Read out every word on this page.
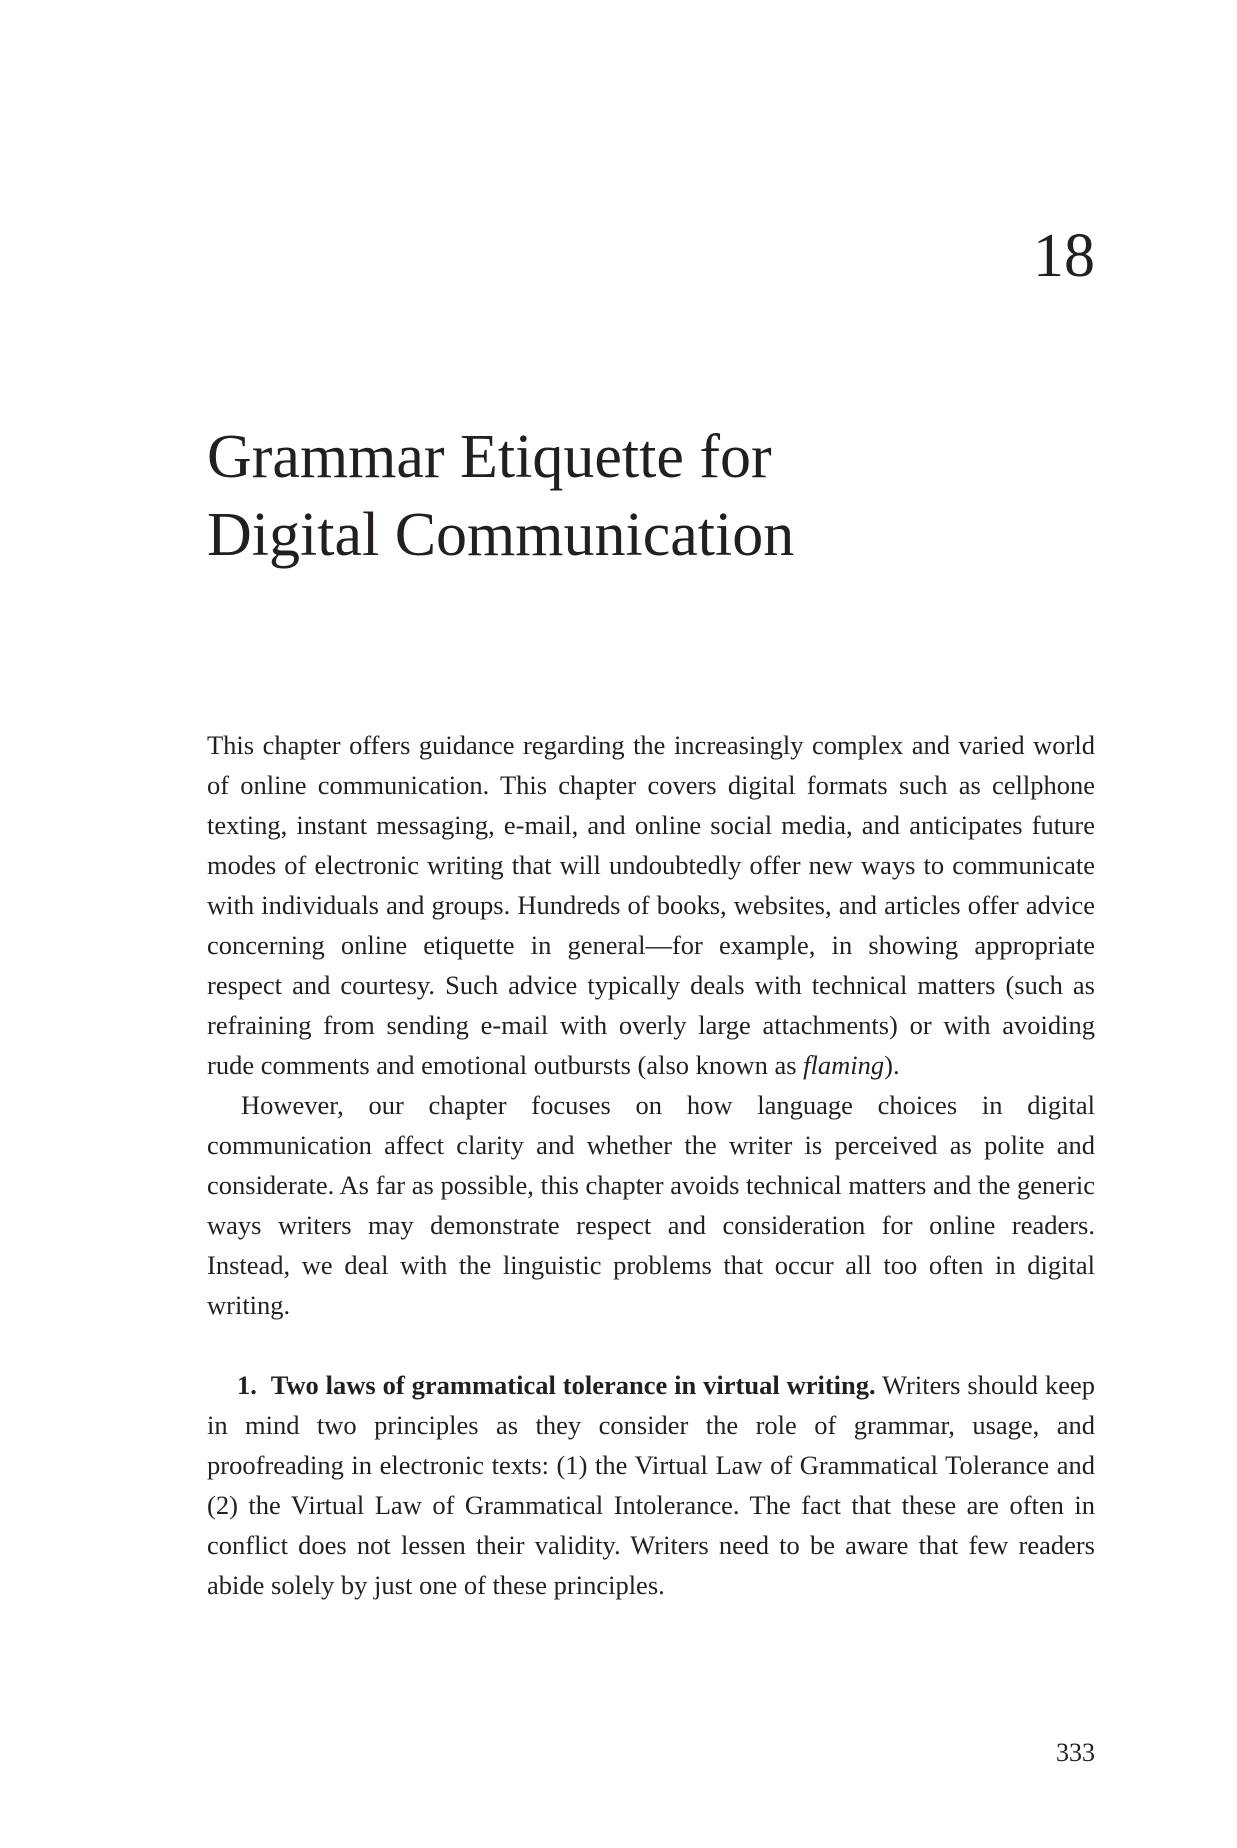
18
Grammar Etiquette for
Digital Communication

This chapter offers guidance regarding the increasingly complex and varied world of online communication. This chapter covers digital formats such as cellphone texting, instant messaging, e-mail, and online social media, and anticipates future modes of electronic writing that will undoubtedly offer new ways to communicate with individuals and groups. Hundreds of books, websites, and articles offer advice concerning online etiquette in general—for example, in showing appropriate respect and courtesy. Such advice typically deals with technical matters (such as refraining from sending e-mail with overly large attachments) or with avoiding rude comments and emotional outbursts (also known as flaming).

However, our chapter focuses on how language choices in digital communication affect clarity and whether the writer is perceived as polite and considerate. As far as possible, this chapter avoids technical matters and the generic ways writers may demonstrate respect and consideration for online readers. Instead, we deal with the linguistic problems that occur all too often in digital writing.

1. Two laws of grammatical tolerance in virtual writing. Writers should keep in mind two principles as they consider the role of grammar, usage, and proofreading in electronic texts: (1) the Virtual Law of Grammatical Tolerance and (2) the Virtual Law of Grammatical Intolerance. The fact that these are often in conflict does not lessen their validity. Writers need to be aware that few readers abide solely by just one of these principles.

333
